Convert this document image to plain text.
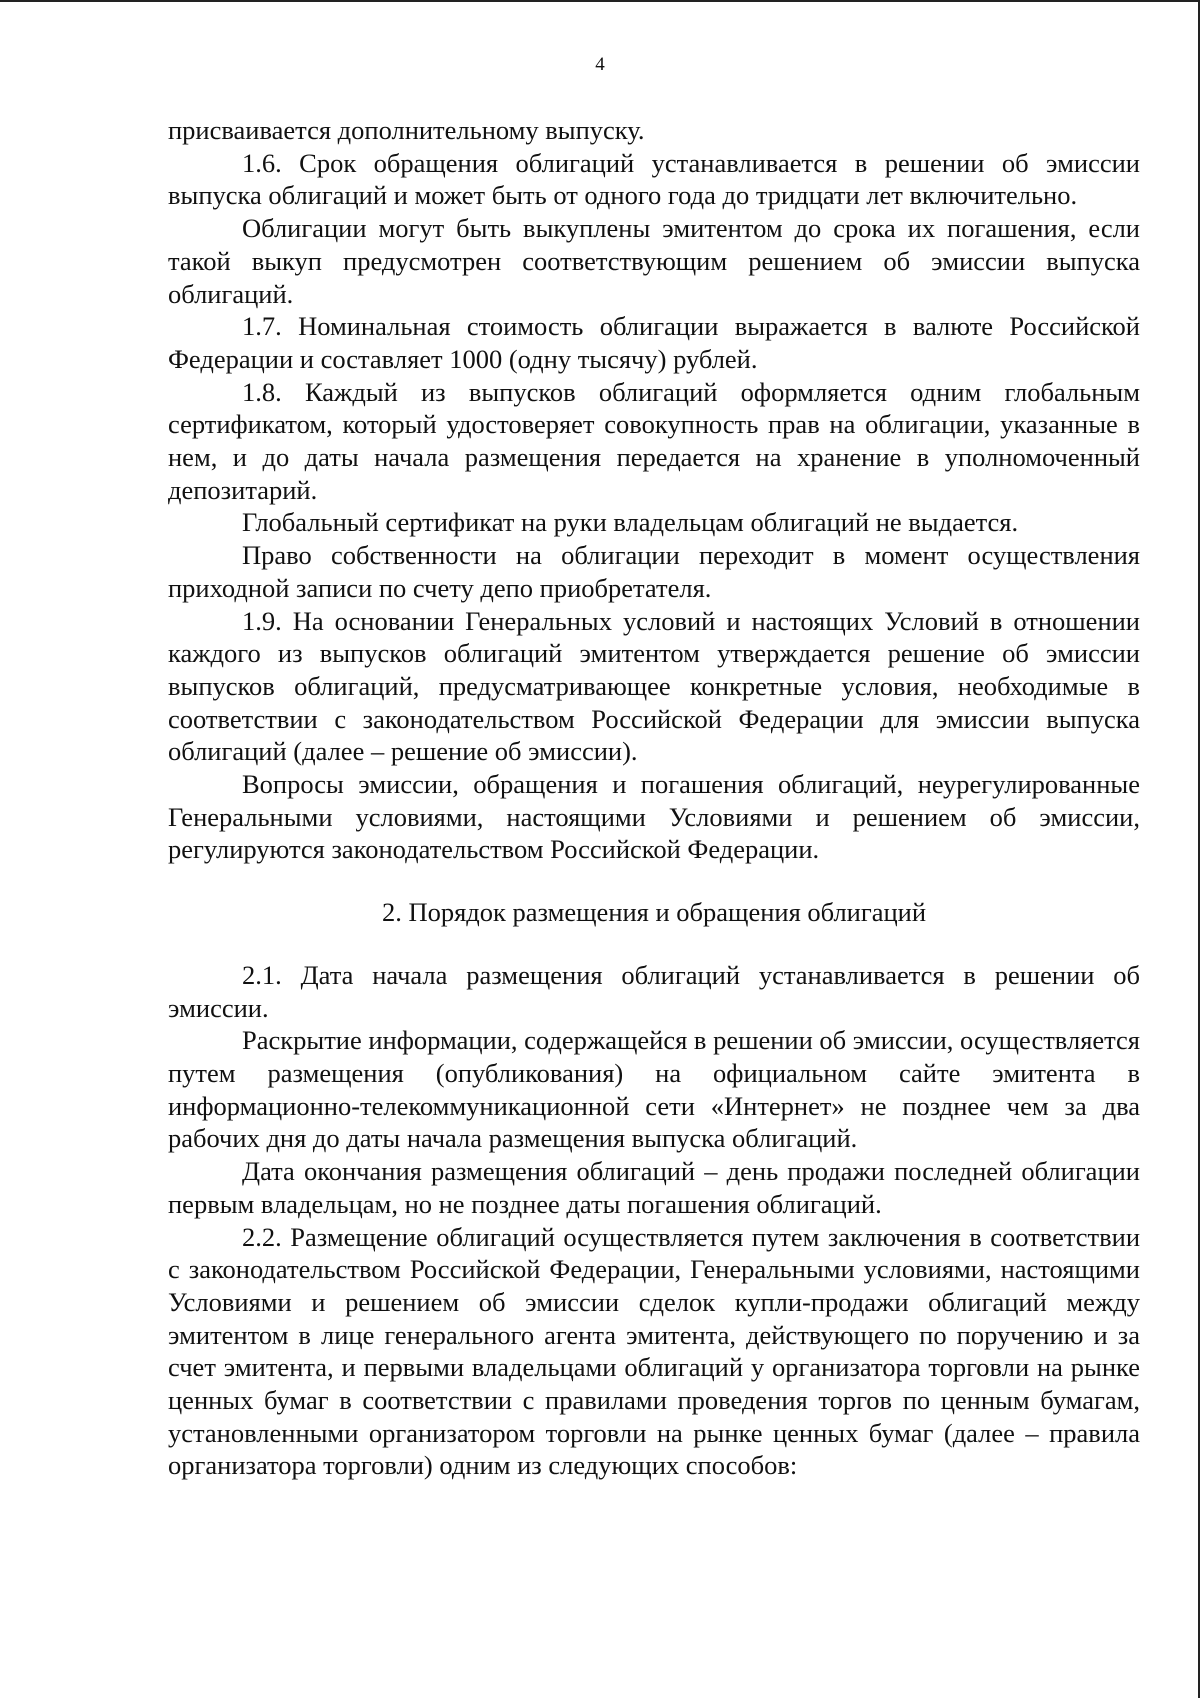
4

присваивается дополнительному выпуску.

1.6. Срок обращения облигаций устанавливается в решении об эмиссии выпуска облигаций и может быть от одного года до тридцати лет включительно.

Облигации могут быть выкуплены эмитентом до срока их погашения, если такой выкуп предусмотрен соответствующим решением об эмиссии выпуска облигаций.

1.7. Номинальная стоимость облигации выражается в валюте Российской Федерации и составляет 1000 (одну тысячу) рублей.

1.8. Каждый из выпусков облигаций оформляется одним глобальным сертификатом, который удостоверяет совокупность прав на облигации, указанные в нем, и до даты начала размещения передается на хранение в уполномоченный депозитарий.

Глобальный сертификат на руки владельцам облигаций не выдается.

Право собственности на облигации переходит в момент осуществления приходной записи по счету депо приобретателя.

1.9. На основании Генеральных условий и настоящих Условий в отношении каждого из выпусков облигаций эмитентом утверждается решение об эмиссии выпусков облигаций, предусматривающее конкретные условия, необходимые в соответствии с законодательством Российской Федерации для эмиссии выпуска облигаций (далее – решение об эмиссии).

Вопросы эмиссии, обращения и погашения облигаций, неурегулированные Генеральными условиями, настоящими Условиями и решением об эмиссии, регулируются законодательством Российской Федерации.

2. Порядок размещения и обращения облигаций

2.1. Дата начала размещения облигаций устанавливается в решении об эмиссии.

Раскрытие информации, содержащейся в решении об эмиссии, осуществляется путем размещения (опубликования) на официальном сайте эмитента в информационно-телекоммуникационной сети «Интернет» не позднее чем за два рабочих дня до даты начала размещения выпуска облигаций.

Дата окончания размещения облигаций – день продажи последней облигации первым владельцам, но не позднее даты погашения облигаций.

2.2. Размещение облигаций осуществляется путем заключения в соответствии с законодательством Российской Федерации, Генеральными условиями, настоящими Условиями и решением об эмиссии сделок купли-продажи облигаций между эмитентом в лице генерального агента эмитента, действующего по поручению и за счет эмитента, и первыми владельцами облигаций у организатора торговли на рынке ценных бумаг в соответствии с правилами проведения торгов по ценным бумагам, установленными организатором торговли на рынке ценных бумаг (далее – правила организатора торговли) одним из следующих способов:
